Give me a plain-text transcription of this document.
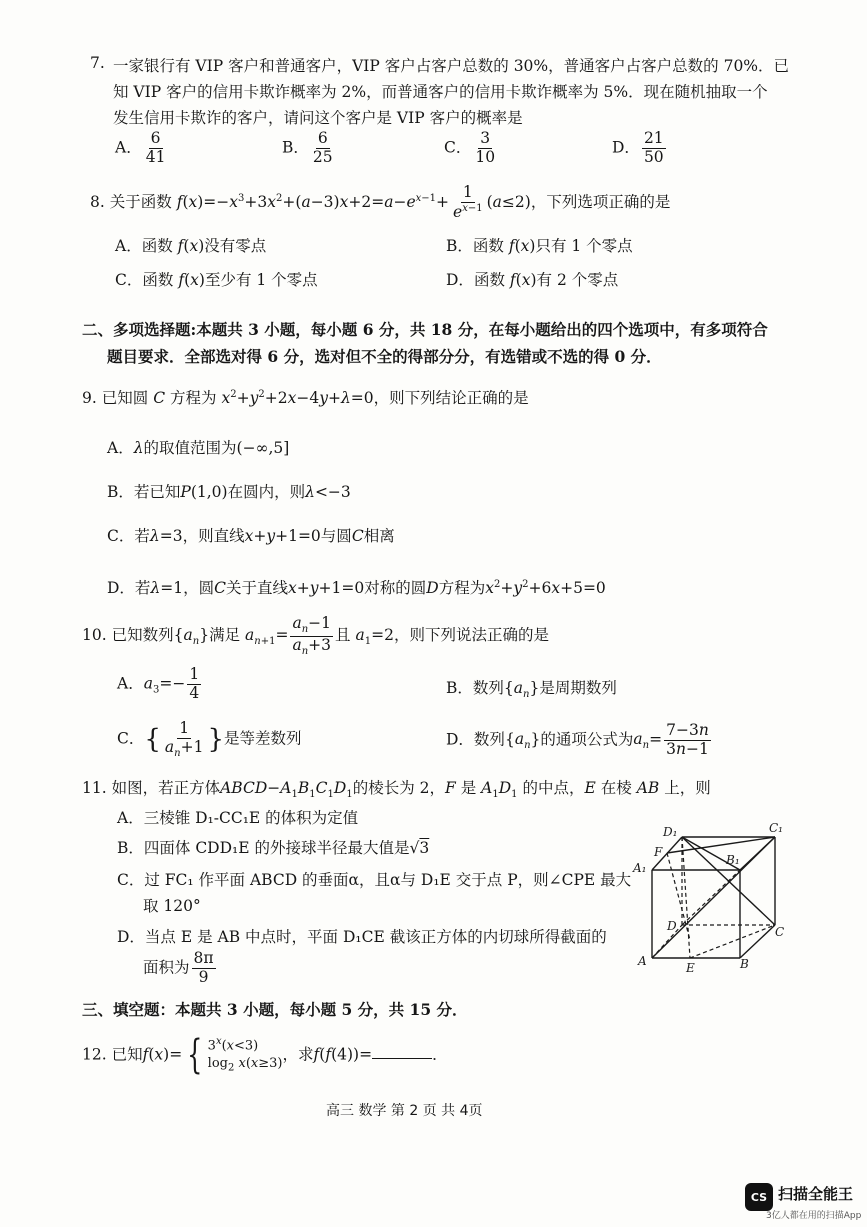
7. 一家银行有 VIP 客户和普通客户，VIP 客户占客户总数的 30%，普通客户占客户总数的 70%．已
知 VIP 客户的信用卡欺诈概率为 2%，而普通客户的信用卡欺诈概率为 5%．现在随机抽取一个
发生信用卡欺诈的客户，请问这个客户是 VIP 客户的概率是
A． $\frac{6}{41}$	B． $\frac{6}{25}$	C． $\frac{3}{10}$	D． $\frac{21}{50}$
8. 关于函数 $f(x)=-x^3+3x^2+(a-3)x+2=a-e^{x-1}+ \frac{1}{e^{x-1}} (a\le 2)$，下列选项正确的是
A．函数 f(x)没有零点	B．函数 f(x)只有 1 个零点
C．函数 f(x)至少有 1 个零点	D．函数 f(x)有 2 个零点
二、多项选择题:本题共 3 小题，每小题 6 分，共 18 分，在每小题给出的四个选项中，有多项符合
题目要求．全部选对得 6 分，选对但不全的得部分分，有选错或不选的得 0 分．
9. 已知圆 C 方程为 $x^2+y^2+2x-4y+\lambda=0$，则下列结论正确的是
A．λ的取值范围为(−∞,5]
B．若已知P(1,0)在圆内，则λ<−3
C．若λ=3，则直线x+y+1=0与圆C相离
D．若λ=1，圆C关于直线x+y+1=0对称的圆D方程为$x^2+y^2+6x+5=0$
10. 已知数列$\{a_n\}$满足 $a_{n+1}= \frac{a_n-1}{a_n+3}$ 且 $a_1=2$，则下列说法正确的是
A．$a_3=- \frac{1}{4}$	B．数列$\{a_n\}$是周期数列
C．{ $\frac{1}{a_n+1}$ }是等差数列	D．数列$\{a_n\}$的通项公式为$a_n= \frac{7-3n}{3n-1}$
11. 如图，若正方体$ABCD-A_1B_1C_1D_1$的棱长为 2，F 是 $A_1D_1$ 的中点，E 在棱 AB 上，则
A．三棱锥 D₁-CC₁E 的体积为定值
B．四面体 CDD₁E 的外接球半径最大值是√3
C．过 FC₁ 作平面 ABCD 的垂面α，且α与 D₁E 交于点 P，则∠CPE 最大
取 120°
D．当点 E 是 AB 中点时，平面 D₁CE 截该正方体的内切球所得截面的
面积为 $\frac{8\pi}{9}$
D₁	C₁
A₁
B₁
F
D	C
A	E	B
三、填空题：本题共 3 小题，每小题 5 分，共 15 分．
12. 已知f(x)= { $3^x(x<3)$
$\log_2 x(x\ge 3)$
，求f(f(4))=	．
高三 数学 第 2 页 共 4页
CS 扫描全能王
3亿人都在用的扫描App
